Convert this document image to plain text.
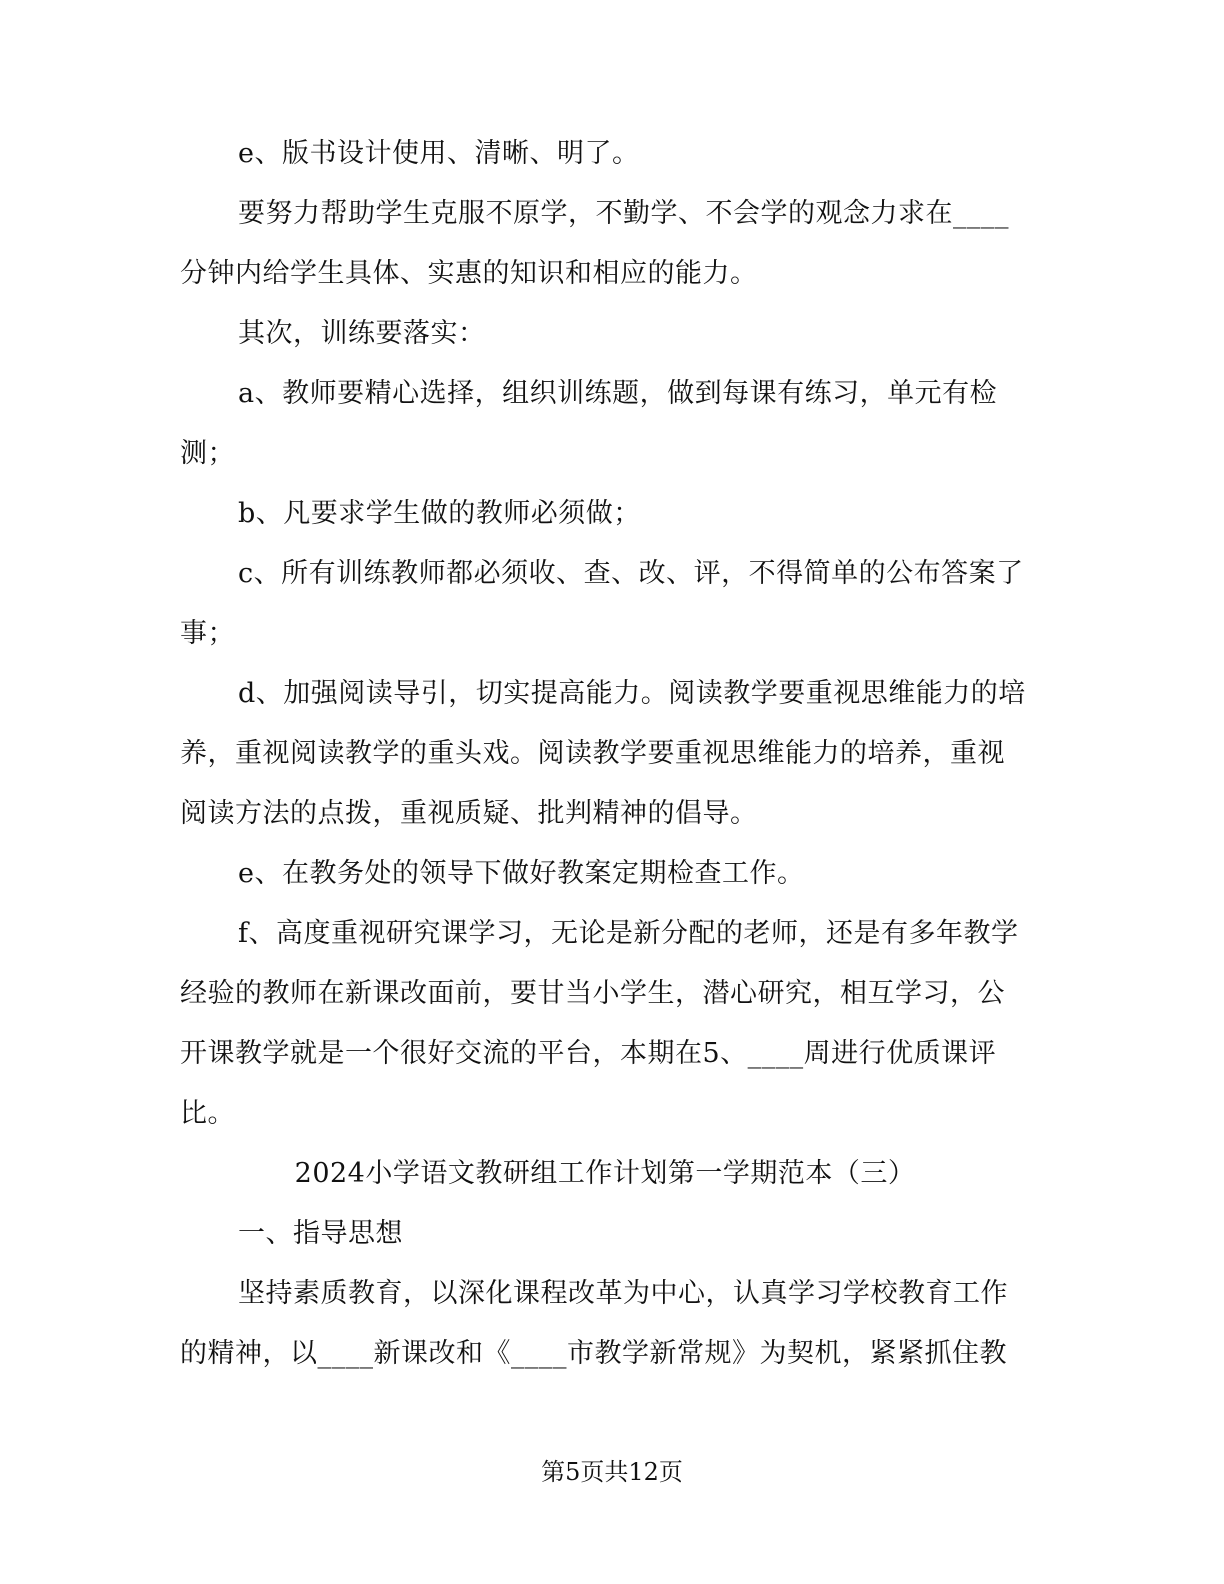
e、版书设计使用、清晰、明了。

要努力帮助学生克服不原学，不勤学、不会学的观念力求在____分钟内给学生具体、实惠的知识和相应的能力。

其次，训练要落实：

a、教师要精心选择，组织训练题，做到每课有练习，单元有检测；

b、凡要求学生做的教师必须做；

c、所有训练教师都必须收、查、改、评，不得简单的公布答案了事；

d、加强阅读导引，切实提高能力。阅读教学要重视思维能力的培养，重视阅读教学的重头戏。阅读教学要重视思维能力的培养，重视阅读方法的点拨，重视质疑、批判精神的倡导。

e、在教务处的领导下做好教案定期检查工作。

f、高度重视研究课学习，无论是新分配的老师，还是有多年教学经验的教师在新课改面前，要甘当小学生，潜心研究，相互学习，公开课教学就是一个很好交流的平台，本期在5、____周进行优质课评比。

2024小学语文教研组工作计划第一学期范本（三）

一、指导思想

坚持素质教育，以深化课程改革为中心，认真学习学校教育工作的精神，以____新课改和《____市教学新常规》为契机，紧紧抓住教

第5页共12页
